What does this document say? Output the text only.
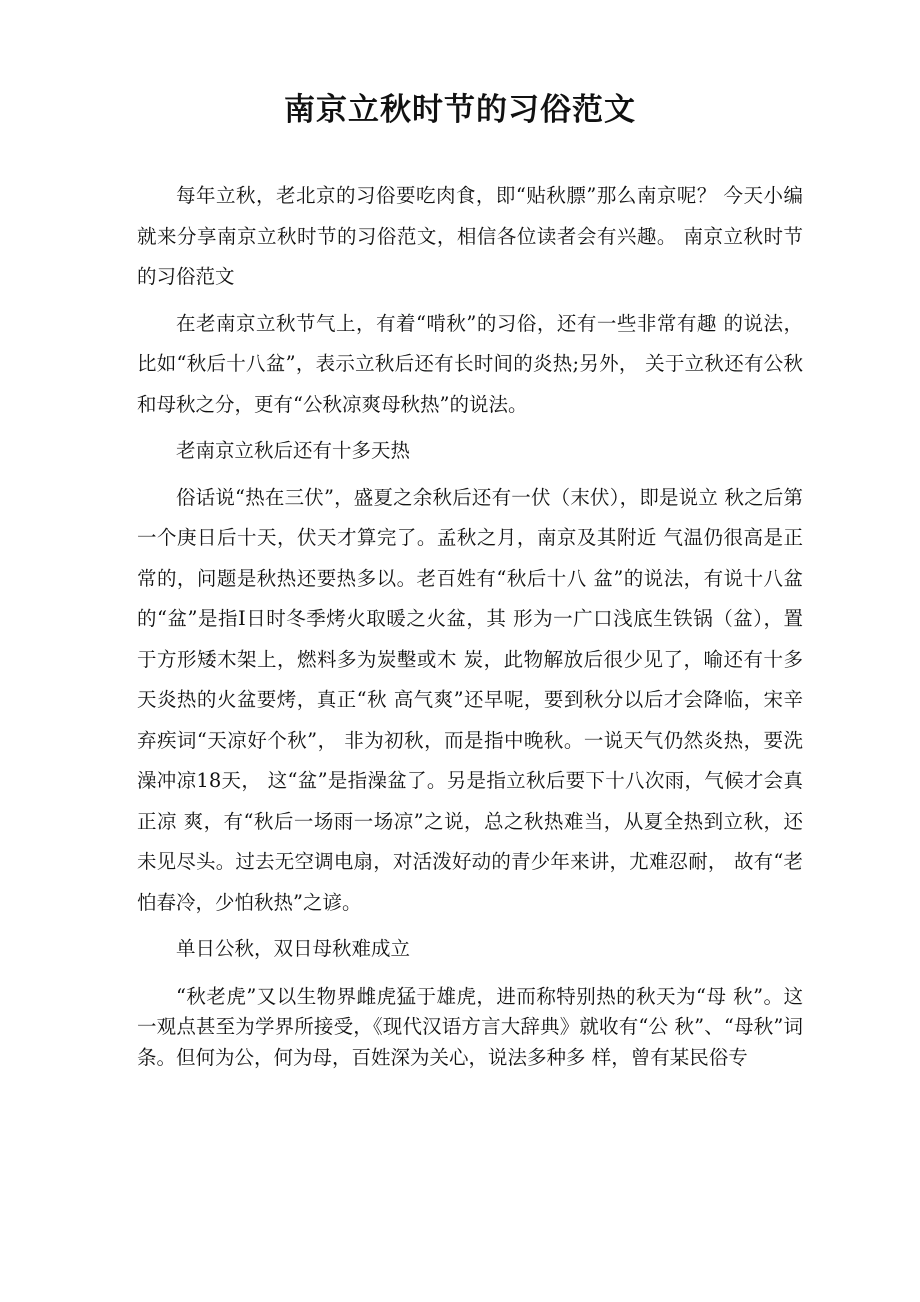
南京立秋时节的习俗范文

每年立秋，老北京的习俗要吃肉食，即“贴秋膘”那么南京呢？ 今天小编就来分享南京立秋时节的习俗范文，相信各位读者会有兴趣。 南京立秋时节的习俗范文

在老南京立秋节气上，有着“啃秋”的习俗，还有一些非常有趣 的说法，比如“秋后十八盆”，表示立秋后还有长时间的炎热;另外， 关于立秋还有公秋和母秋之分，更有“公秋凉爽母秋热”的说法。

老南京立秋后还有十多天热

俗话说“热在三伏”，盛夏之余秋后还有一伏（末伏），即是说立 秋之后第一个庚日后十天，伏天才算完了。孟秋之月，南京及其附近 气温仍很高是正常的，问题是秋热还要热多以。老百姓有“秋后十八 盆”的说法，有说十八盆的“盆”是指I日时冬季烤火取暖之火盆，其 形为一广口浅底生铁锅（盆），置于方形矮木架上，燃料多为炭墼或木 炭，此物解放后很少见了，喻还有十多天炎热的火盆要烤，真正“秋 高气爽”还早呢，要到秋分以后才会降临，宋辛弃疾词“天凉好个秋”， 非为初秋，而是指中晚秋。一说天气仍然炎热，要洗澡冲凉18天， 这“盆”是指澡盆了。另是指立秋后要下十八次雨，气候才会真正凉 爽，有“秋后一场雨一场凉”之说，总之秋热难当，从夏全热到立秋，还未见尽头。过去无空调电扇，对活泼好动的青少年来讲，尤难忍耐， 故有“老怕春冷，少怕秋热”之谚。

单日公秋，双日母秋难成立

“秋老虎”又以生物界雌虎猛于雄虎，进而称特别热的秋天为“母 秋”。这一观点甚至为学界所接受，《现代汉语方言大辞典》就收有“公 秋”、“母秋”词条。但何为公，何为母，百姓深为关心，说法多种多 样，曾有某民俗专
